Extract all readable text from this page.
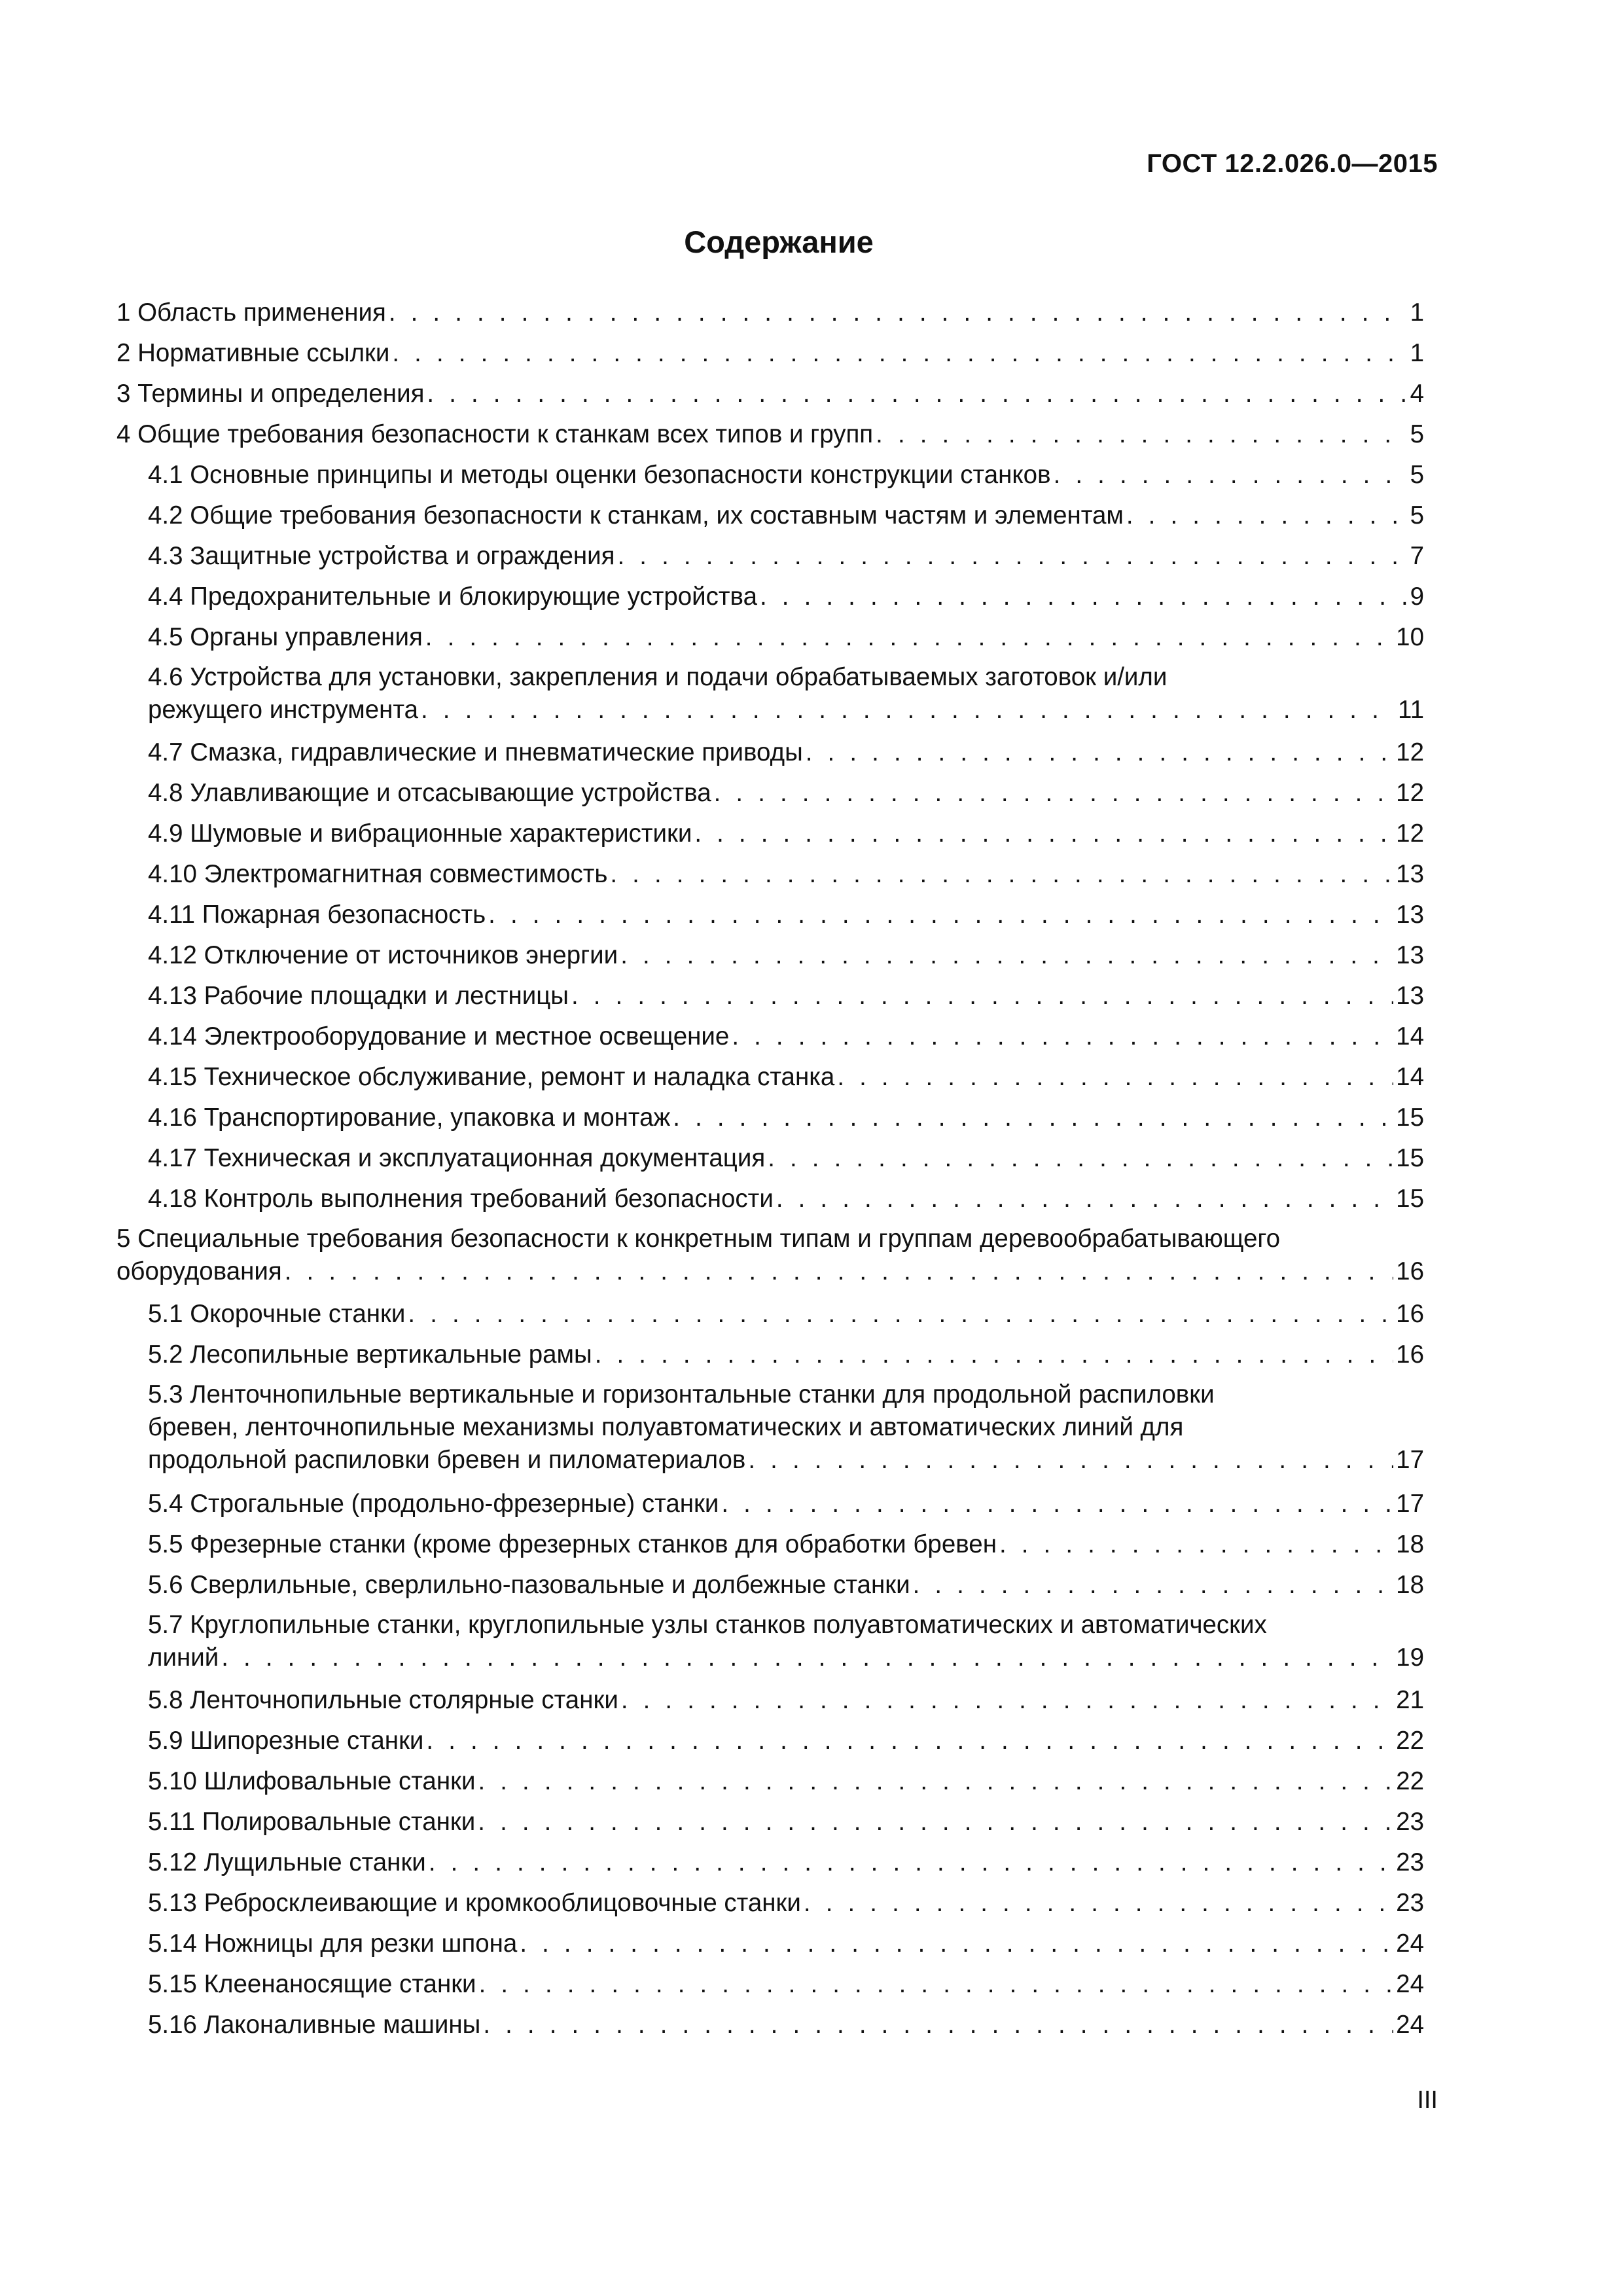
ГОСТ 12.2.026.0—2015
Содержание
1 Область применения . . .	1
2 Нормативные ссылки . . .	1
3 Термины и определения . . .	4
4 Общие требования безопасности к станкам всех типов и групп . . .	5
4.1 Основные принципы и методы оценки безопасности конструкции станков . . .	5
4.2 Общие требования безопасности к станкам, их составным частям и элементам . . .	5
4.3 Защитные устройства и ограждения . . .	7
4.4 Предохранительные и блокирующие устройства . . .	9
4.5 Органы управления . . .	10
4.6 Устройства для установки, закрепления и подачи обрабатываемых заготовок и/или
режущего инструмента . . .	11
4.7 Смазка, гидравлические и пневматические приводы . . .	12
4.8 Улавливающие и отсасывающие устройства . . .	12
4.9 Шумовые и вибрационные характеристики . . .	12
4.10 Электромагнитная совместимость . . .	13
4.11 Пожарная безопасность . . .	13
4.12 Отключение от источников энергии . . .	13
4.13 Рабочие площадки и лестницы . . .	13
4.14 Электрооборудование и местное освещение . . .	14
4.15 Техническое обслуживание, ремонт и наладка станка . . .	14
4.16 Транспортирование, упаковка и монтаж . . .	15
4.17 Техническая и эксплуатационная документация . . .	15
4.18 Контроль выполнения требований безопасности . . .	15
5 Специальные требования безопасности к конкретным типам и группам деревообрабатывающего
оборудования . . .	16
5.1 Окорочные станки . . .	16
5.2 Лесопильные вертикальные рамы . . .	16
5.3 Ленточнопильные вертикальные и горизонтальные станки для продольной распиловки
бревен, ленточнопильные механизмы полуавтоматических и автоматических линий для
продольной распиловки бревен и пиломатериалов . . .	17
5.4 Строгальные (продольно-фрезерные) станки . . .	17
5.5 Фрезерные станки (кроме фрезерных станков для обработки бревен . . .	18
5.6 Сверлильные, сверлильно-пазовальные и долбежные станки . . .	18
5.7 Круглопильные станки, круглопильные узлы станков полуавтоматических и автоматических
линий . . .	19
5.8 Ленточнопильные столярные станки . . .	21
5.9 Шипорезные станки . . .	22
5.10 Шлифовальные станки . . .	22
5.11 Полировальные станки . . .	23
5.12 Лущильные станки . . .	23
5.13 Ребросклеивающие и кромкооблицовочные станки . . .	23
5.14 Ножницы для резки шпона . . .	24
5.15 Клеенаносящие станки . . .	24
5.16 Лаконаливные машины . . .	24
III
